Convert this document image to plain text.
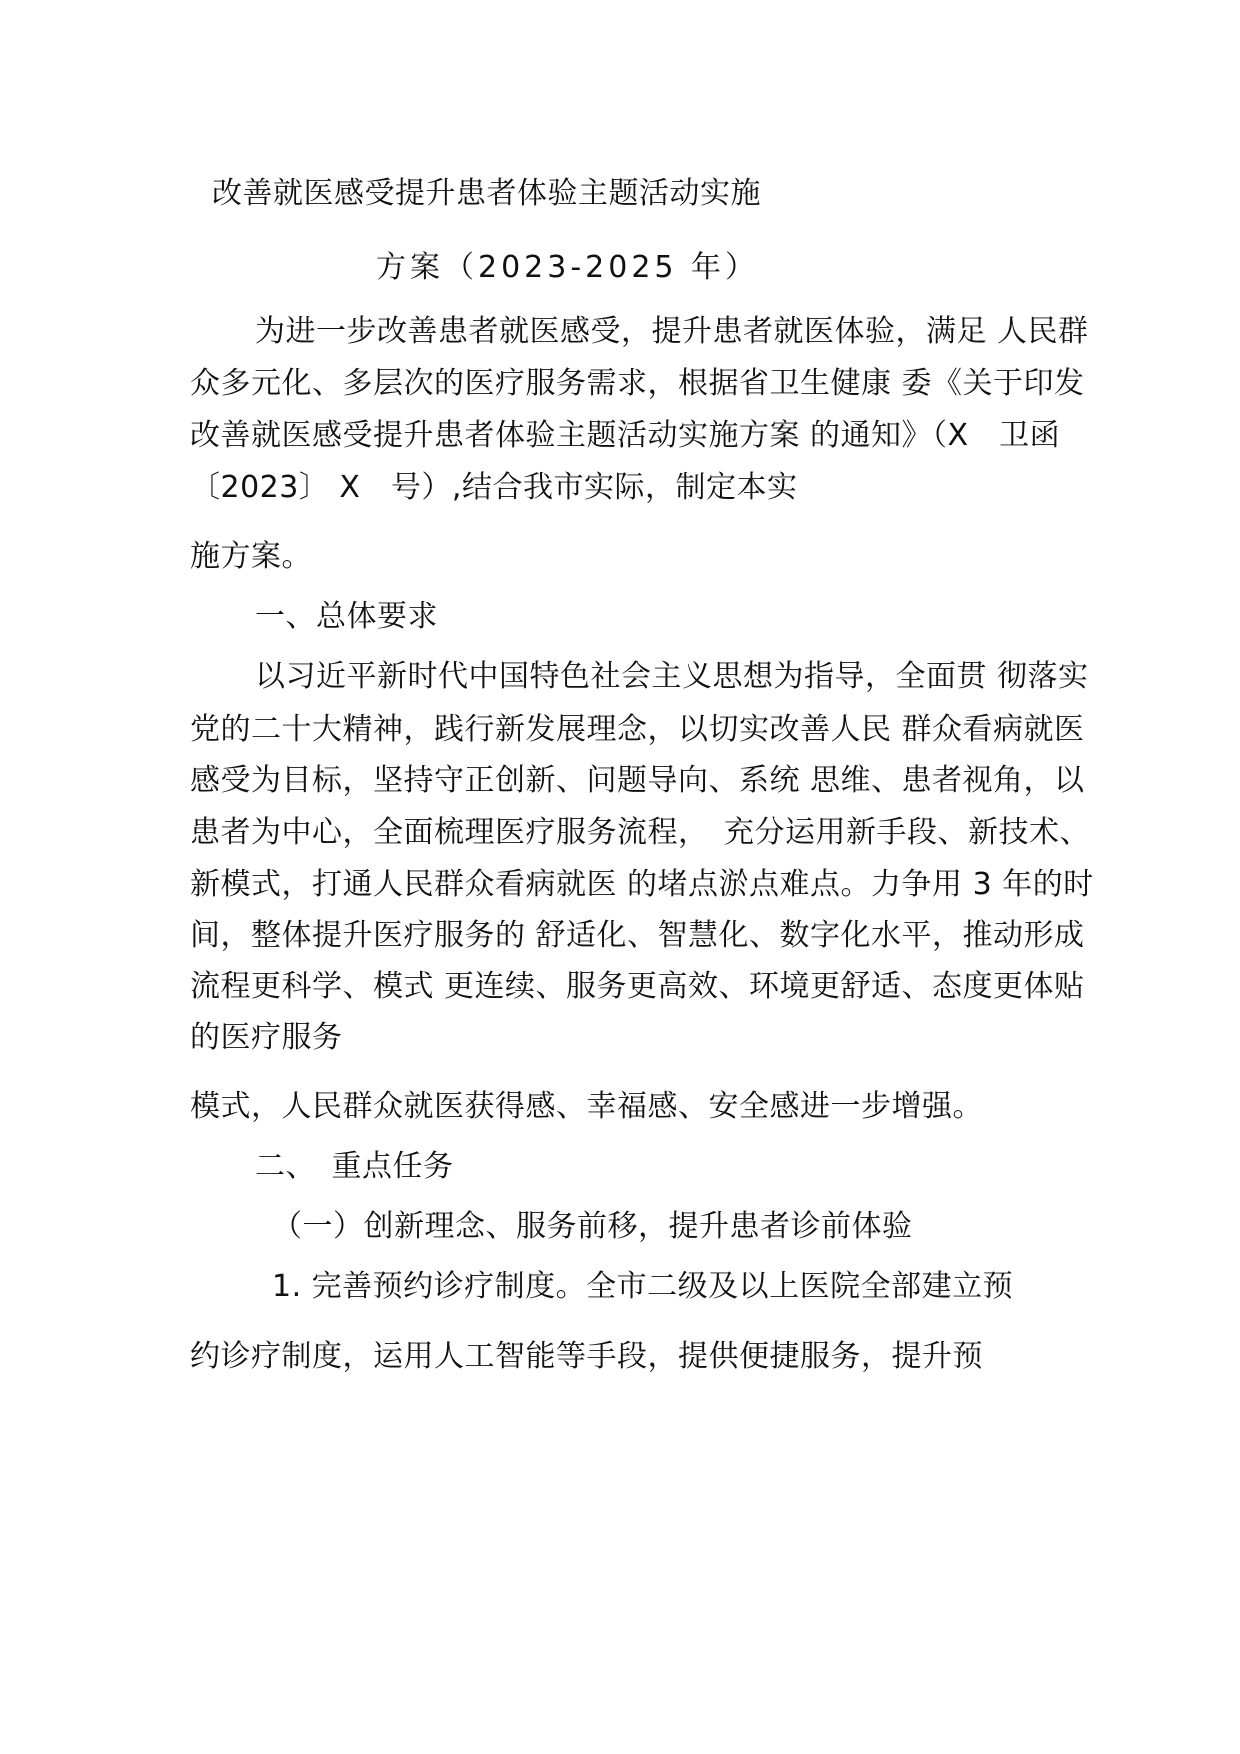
改善就医感受提升患者体验主题活动实施
方案（2023-2025 年）
为进一步改善患者就医感受，提升患者就医体验，满足 人民群
众多元化、多层次的医疗服务需求，根据省卫生健康 委《关于印发
改善就医感受提升患者体验主题活动实施方案 的通知》（X　卫函
〔2023〕 X　号）,结合我市实际，制定本实
施方案。
一、总体要求
以习近平新时代中国特色社会主义思想为指导，全面贯 彻落实
党的二十大精神，践行新发展理念，以切实改善人民 群众看病就医
感受为目标，坚持守正创新、问题导向、系统 思维、患者视角，以
患者为中心，全面梳理医疗服务流程，　充分运用新手段、新技术、
新模式，打通人民群众看病就医 的堵点淤点难点。力争用 3 年的时
间，整体提升医疗服务的 舒适化、智慧化、数字化水平，推动形成
流程更科学、模式 更连续、服务更高效、环境更舒适、态度更体贴
的医疗服务
模式，人民群众就医获得感、幸福感、安全感进一步增强。
二、　重点任务
（一）创新理念、服务前移，提升患者诊前体验
1. 完善预约诊疗制度。全市二级及以上医院全部建立预
约诊疗制度，运用人工智能等手段，提供便捷服务，提升预
